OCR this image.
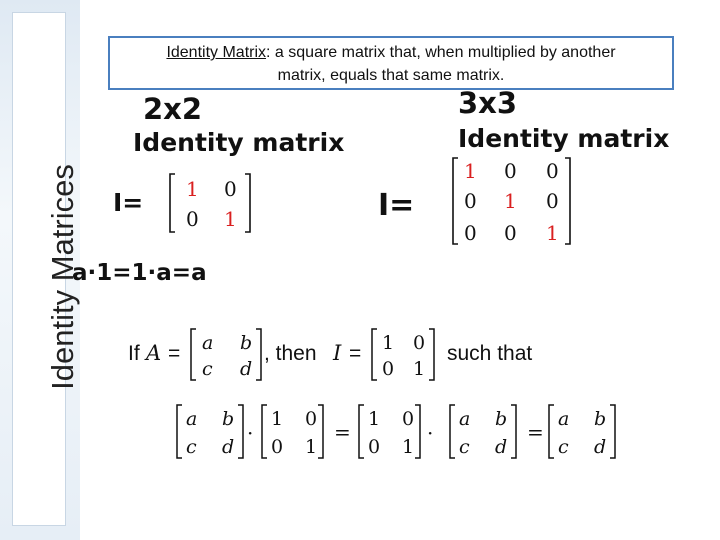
Identity Matrices
Identity Matrix: a square matrix that, when multiplied by another
matrix, equals that same matrix.
2x2
Identity matrix
I=
a·1=1·a=a
1 0
0 1
3x3
Identity matrix
I=
1 0 0
0 1 0
0 0 1
If A = a b
c d
, then I = 1 0
0 1
such that
a b
c d
·
1 0
0 1
=
1 0
0 1
·
a b
c d
=
a b
c d
